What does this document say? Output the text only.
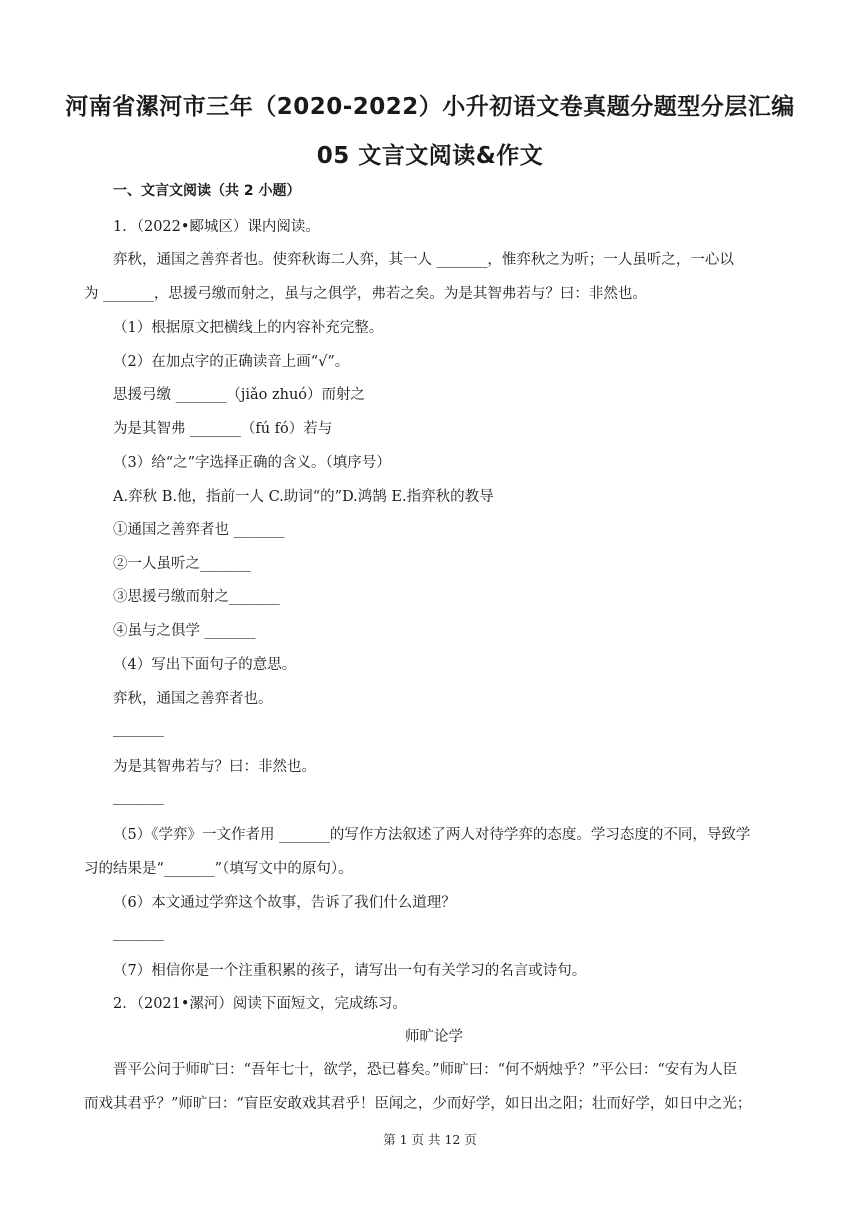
河南省漯河市三年（2020-2022）小升初语文卷真题分题型分层汇编
05 文言文阅读&作文
一、文言文阅读（共 2 小题）
1．（2022•郾城区）课内阅读。
弈秋，通国之善弈者也。使弈秋诲二人弈，其一人 _______，惟弈秋之为听；一人虽听之，一心以
为 _______，思援弓缴而射之，虽与之俱学，弗若之矣。为是其智弗若与？曰：非然也。
（1）根据原文把横线上的内容补充完整。
（2）在加点字的正确读音上画“√”。
思援弓缴 _______（jiǎo zhuó）而射之
为是其智弗 _______（fú fó）若与
（3）给“之”字选择正确的含义。（填序号）
A.弈秋 B.他，指前一人 C.助词“的”D.鸿鹄 E.指弈秋的教导
①通国之善弈者也 _______
②一人虽听之_______
③思援弓缴而射之_______
④虽与之俱学 _______
（4）写出下面句子的意思。
弈秋，通国之善弈者也。
_______
为是其智弗若与？曰：非然也。
_______
（5）《学弈》一文作者用 _______的写作方法叙述了两人对待学弈的态度。学习态度的不同，导致学
习的结果是“_______”（填写文中的原句）。
（6）本文通过学弈这个故事，告诉了我们什么道理？
_______
（7）相信你是一个注重积累的孩子，请写出一句有关学习的名言或诗句。
2．（2021•漯河）阅读下面短文，完成练习。
师旷论学
晋平公问于师旷曰：“吾年七十，欲学，恐已暮矣。”师旷曰：“何不炳烛乎？”平公曰：“安有为人臣
而戏其君乎？”师旷曰：“盲臣安敢戏其君乎！臣闻之，少而好学，如日出之阳；壮而好学，如日中之光；
第 1 页 共 12 页
